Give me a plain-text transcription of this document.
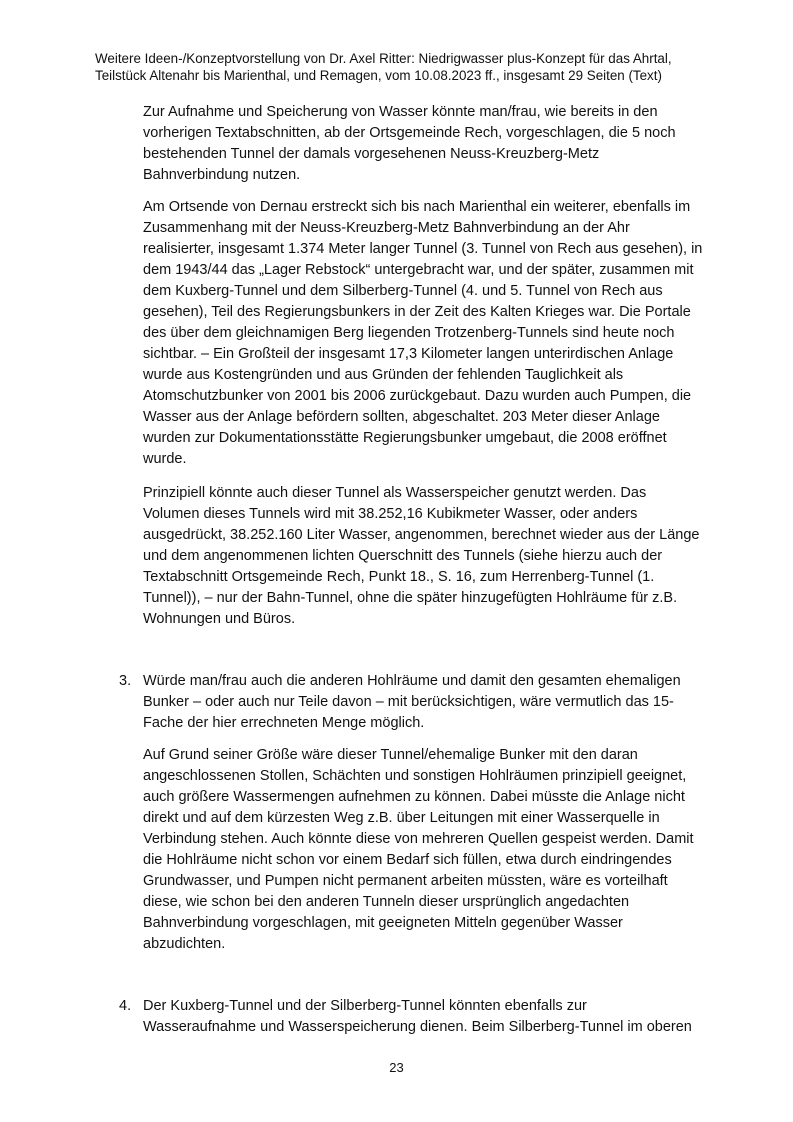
Weitere Ideen-/Konzeptvorstellung von Dr. Axel Ritter: Niedrigwasser plus-Konzept für das Ahrtal,
Teilstück Altenahr bis Marienthal, und Remagen, vom 10.08.2023 ff., insgesamt 29 Seiten (Text)

Zur Aufnahme und Speicherung von Wasser könnte man/frau, wie bereits in den vorherigen Textabschnitten, ab der Ortsgemeinde Rech, vorgeschlagen, die 5 noch bestehenden Tunnel der damals vorgesehenen Neuss-Kreuzberg-Metz Bahnverbindung nutzen.

Am Ortsende von Dernau erstreckt sich bis nach Marienthal ein weiterer, ebenfalls im Zusammenhang mit der Neuss-Kreuzberg-Metz Bahnverbindung an der Ahr realisierter, insgesamt 1.374 Meter langer Tunnel (3. Tunnel von Rech aus gesehen), in dem 1943/44 das „Lager Rebstock“ untergebracht war, und der später, zusammen mit dem Kuxberg-Tunnel und dem Silberberg-Tunnel (4. und 5. Tunnel von Rech aus gesehen), Teil des Regierungsbunkers in der Zeit des Kalten Krieges war. Die Portale des über dem gleichnamigen Berg liegenden Trotzenberg-Tunnels sind heute noch sichtbar. – Ein Großteil der insgesamt 17,3 Kilometer langen unterirdischen Anlage wurde aus Kostengründen und aus Gründen der fehlenden Tauglichkeit als Atomschutzbunker von 2001 bis 2006 zurückgebaut. Dazu wurden auch Pumpen, die Wasser aus der Anlage befördern sollten, abgeschaltet. 203 Meter dieser Anlage wurden zur Dokumentationsstätte Regierungsbunker umgebaut, die 2008 eröffnet wurde.

Prinzipiell könnte auch dieser Tunnel als Wasserspeicher genutzt werden. Das Volumen dieses Tunnels wird mit 38.252,16 Kubikmeter Wasser, oder anders ausgedrückt, 38.252.160 Liter Wasser, angenommen, berechnet wieder aus der Länge und dem angenommenen lichten Querschnitt des Tunnels (siehe hierzu auch der Textabschnitt Ortsgemeinde Rech, Punkt 18., S. 16, zum Herrenberg-Tunnel (1. Tunnel)), – nur der Bahn-Tunnel, ohne die später hinzugefügten Hohlräume für z.B. Wohnungen und Büros.

3. Würde man/frau auch die anderen Hohlräume und damit den gesamten ehemaligen Bunker – oder auch nur Teile davon – mit berücksichtigen, wäre vermutlich das 15-Fache der hier errechneten Menge möglich.

Auf Grund seiner Größe wäre dieser Tunnel/ehemalige Bunker mit den daran angeschlossenen Stollen, Schächten und sonstigen Hohlräumen prinzipiell geeignet, auch größere Wassermengen aufnehmen zu können. Dabei müsste die Anlage nicht direkt und auf dem kürzesten Weg z.B. über Leitungen mit einer Wasserquelle in Verbindung stehen. Auch könnte diese von mehreren Quellen gespeist werden. Damit die Hohlräume nicht schon vor einem Bedarf sich füllen, etwa durch eindringendes Grundwasser, und Pumpen nicht permanent arbeiten müssten, wäre es vorteilhaft diese, wie schon bei den anderen Tunneln dieser ursprünglich angedachten Bahnverbindung vorgeschlagen, mit geeigneten Mitteln gegenüber Wasser abzudichten.

4. Der Kuxberg-Tunnel und der Silberberg-Tunnel könnten ebenfalls zur Wasseraufnahme und Wasserspeicherung dienen. Beim Silberberg-Tunnel im oberen

23
